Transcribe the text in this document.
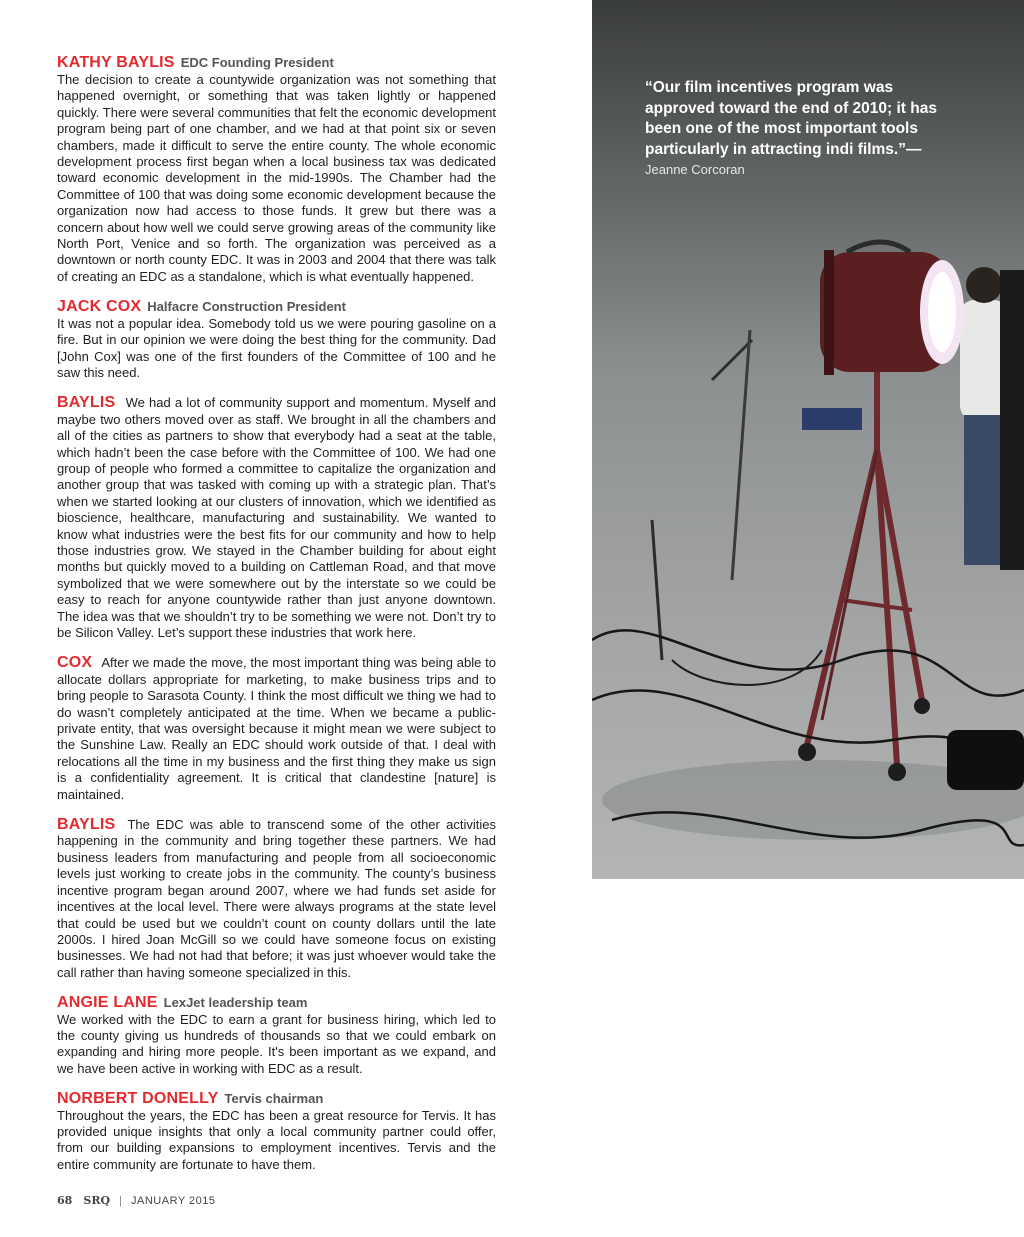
KATHY BAYLIS EDC Founding President
The decision to create a countywide organization was not something that happened overnight, or something that was taken lightly or happened quickly. There were several communities that felt the economic development program being part of one chamber, and we had at that point six or seven chambers, made it difficult to serve the entire county. The whole economic development process first began when a local business tax was dedicated toward economic development in the mid-1990s. The Chamber had the Committee of 100 that was doing some economic development because the organization now had access to those funds. It grew but there was a concern about how well we could serve growing areas of the community like North Port, Venice and so forth. The organization was perceived as a downtown or north county EDC. It was in 2003 and 2004 that there was talk of creating an EDC as a standalone, which is what eventually happened.

JACK COX Halfacre Construction President
It was not a popular idea. Somebody told us we were pouring gasoline on a fire. But in our opinion we were doing the best thing for the community. Dad [John Cox] was one of the first founders of the Committee of 100 and he saw this need.

BAYLIS We had a lot of community support and momentum. Myself and maybe two others moved over as staff. We brought in all the chambers and all of the cities as partners to show that everybody had a seat at the table, which hadn’t been the case before with the Committee of 100. We had one group of people who formed a committee to capitalize the organization and another group that was tasked with coming up with a strategic plan. That’s when we started looking at our clusters of innovation, which we identified as bioscience, healthcare, manufacturing and sustainability. We wanted to know what industries were the best fits for our community and how to help those industries grow. We stayed in the Chamber building for about eight months but quickly moved to a building on Cattleman Road, and that move symbolized that we were somewhere out by the interstate so we could be easy to reach for anyone countywide rather than just anyone downtown. The idea was that we shouldn’t try to be something we were not. Don’t try to be Silicon Valley. Let’s support these industries that work here.

COX After we made the move, the most important thing was being able to allocate dollars appropriate for marketing, to make business trips and to bring people to Sarasota County. I think the most difficult we thing we had to do wasn’t completely anticipated at the time. When we became a public-private entity, that was oversight because it might mean we were subject to the Sunshine Law. Really an EDC should work outside of that. I deal with relocations all the time in my business and the first thing they make us sign is a confidentiality agreement. It is critical that clandestine [nature] is maintained.

BAYLIS The EDC was able to transcend some of the other activities happening in the community and bring together these partners. We had business leaders from manufacturing and people from all socioeconomic levels just working to create jobs in the community. The county’s business incentive program began around 2007, where we had funds set aside for incentives at the local level. There were always programs at the state level that could be used but we couldn’t count on county dollars until the late 2000s. I hired Joan McGill so we could have someone focus on existing businesses. We had not had that before; it was just whoever would take the call rather than having someone specialized in this.

ANGIE LANE LexJet leadership team
We worked with the EDC to earn a grant for business hiring, which led to the county giving us hundreds of thousands so that we could embark on expanding and hiring more people. It's been important as we expand, and we have been active in working with EDC as a result.

NORBERT DONELLY Tervis chairman
Throughout the years, the EDC has been a great resource for Tervis. It has provided unique insights that only a local community partner could offer, from our building expansions to employment incentives. Tervis and the entire community are fortunate to have them.

“Our film incentives program was approved toward the end of 2010; it has been one of the most important tools particularly in attracting indi films.”—
Jeanne Corcoran
68 SRQ | JANUARY 2015
